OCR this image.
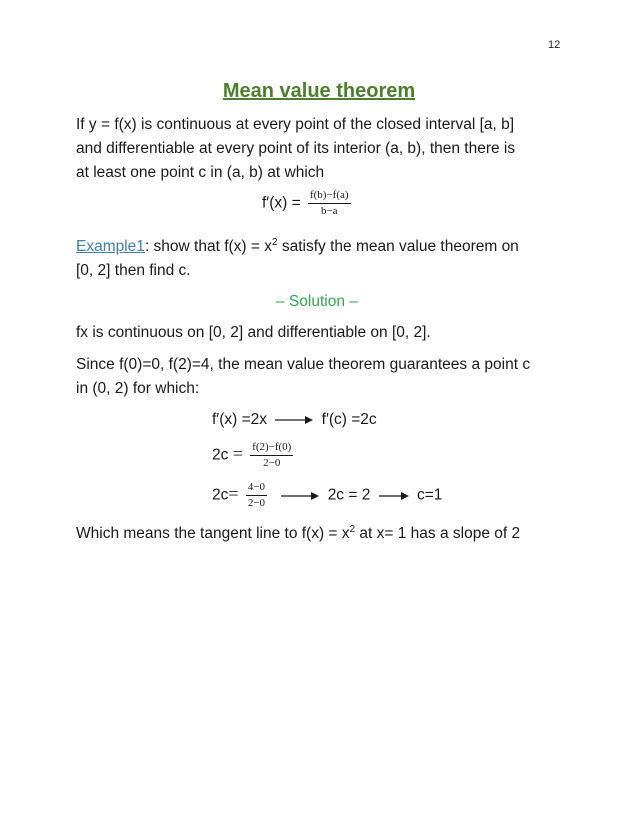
12
Mean value theorem
If y = f(x) is continuous at every point of the closed interval [a, b]
and differentiable at every point of its interior (a, b), then there is
at least one point c in (a, b) at which
$f'(x) = \frac{f(b)-f(a)}{b-a}$
Example1: show that $f(x) = x^2$ satisfy the mean value theorem on
[0, 2] then find c.
– Solution –
fx is continuous on [0, 2] and differentiable on [0, 2].
Since f(0)=0, f(2)=4, the mean value theorem guarantees a point c
in (0, 2) for which:
f′(x) =2x	f′(c) =2c
$2c = \frac{f(2)-f(0)}{2-0}$
$2c= \frac{4-0}{2-0}$	2c = 2	c=1
Which means the tangent line to $f(x) = x^2$ at x= 1 has a slope of 2
